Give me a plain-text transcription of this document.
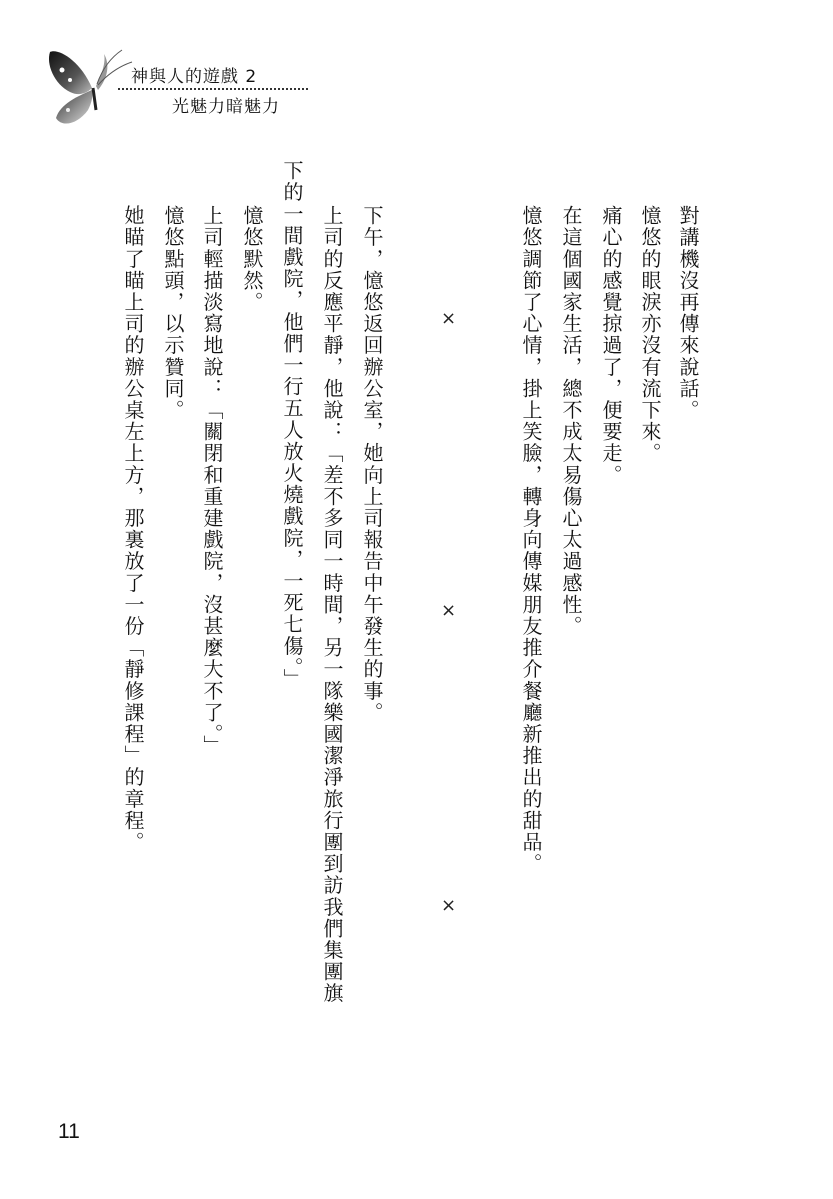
神與人的遊戲 2
光魅力暗魅力
對講機沒再傳來說話。
憶悠的眼淚亦沒有流下來。
痛心的感覺掠過了，便要走。
在這個國家生活，總不成太易傷心太過感性。
憶悠調節了心情，掛上笑臉，轉身向傳媒朋友推介餐廳新推出的甜品。
×
×
×
下午，憶悠返回辦公室，她向上司報告中午發生的事。
上司的反應平靜，他說：「差不多同一時間，另一隊樂國潔淨旅行團到訪我們集團旗
下的一間戲院，他們一行五人放火燒戲院，一死七傷。」
憶悠默然。
上司輕描淡寫地說：「關閉和重建戲院，沒甚麼大不了。」
憶悠點頭，以示贊同。
她瞄了瞄上司的辦公桌左上方，那裏放了一份「靜修課程」的章程。
11
